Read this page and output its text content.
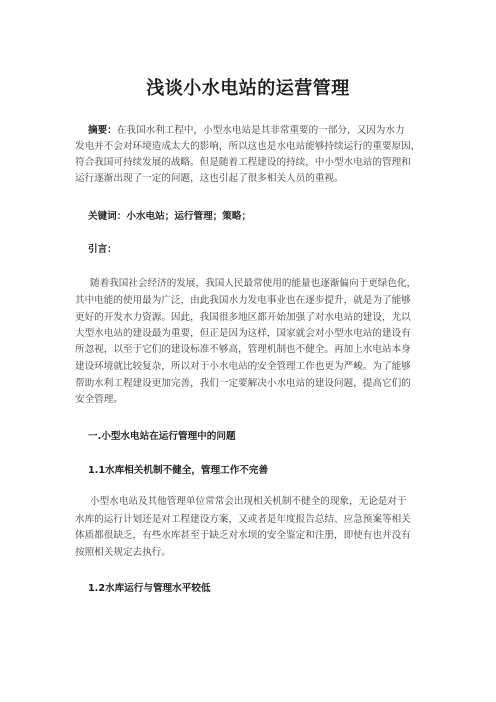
浅谈小水电站的运营管理
摘要：在我国水利工程中，小型水电站是其非常重要的一部分，又因为水力
发电并不会对环境造成太大的影响，所以这也是水电站能够持续运行的重要原因，
符合我国可持续发展的战略。但是随着工程建设的持续，中小型水电站的管理和
运行逐渐出现了一定的问题，这也引起了很多相关人员的重视。
关键词：小水电站；运行管理；策略；
引言：
随着我国社会经济的发展，我国人民最常使用的能量也逐渐偏向于更绿色化，
其中电能的使用最为广泛，由此我国水力发电事业也在逐步提升，就是为了能够
更好的开发水力资源。因此，我国很多地区都开始加强了对水电站的建设，尤以
大型水电站的建设最为重要，但正是因为这样，国家就会对小型水电站的建设有
所忽视，以至于它们的建设标准不够高，管理机制也不健全。再加上水电站本身
建设环境就比较复杂，所以对于小水电站的安全管理工作也更为严峻。为了能够
帮助水利工程建设更加完善，我们一定要解决小水电站的建设问题，提高它们的
安全管理。
一.小型水电站在运行管理中的问题
1.1水库相关机制不健全，管理工作不完善
小型水电站及其他管理单位常常会出现相关机制不健全的现象，无论是对于
水库的运行计划还是对工程建设方案，又或者是年度报告总结、应急预案等相关
体质都很缺乏，有些水库甚至于缺乏对水坝的安全鉴定和注册，即使有也并没有
按照相关规定去执行。
1.2水库运行与管理水平较低
